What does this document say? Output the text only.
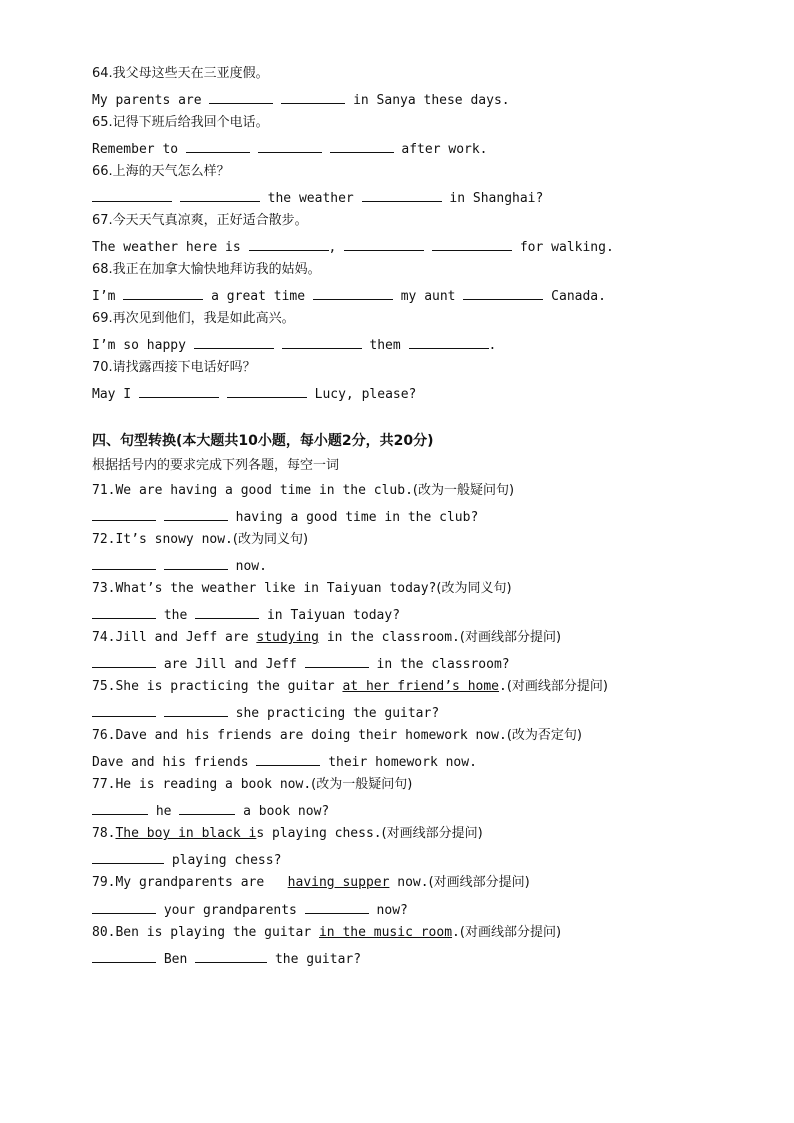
64.我父母这些天在三亚度假。
My parents are	in Sanya these days.
65.记得下班后给我回个电话。
Remember to	after work.
66.上海的天气怎么样？
the weather	in Shanghai?
67.今天天气真凉爽，正好适合散步。
The weather here is	,	for walking.
68.我正在加拿大愉快地拜访我的姑妈。
I’m	a great time	my aunt	Canada.
69.再次见到他们，我是如此高兴。
I’m so happy	them	.
70.请找露西接下电话好吗？
May I	Lucy, please?
四、句型转换(本大题共10小题，每小题2分，共20分)
根据括号内的要求完成下列各题，每空一词
71.We are having a good time in the club.(改为一般疑问句)
having a good time in the club?
72.It’s snowy now.(改为同义句)
now.
73.What’s the weather like in Taiyuan today?(改为同义句)
the	in Taiyuan today?
74.Jill and Jeff are studying in the classroom.(对画线部分提问)
are Jill and Jeff	in the classroom?
75.She is practicing the guitar at her friend’s home.(对画线部分提问)
she practicing the guitar?
76.Dave and his friends are doing their homework now.(改为否定句)
Dave and his friends	their homework now.
77.He is reading a book now.(改为一般疑问句)
he	a book now?
78.The boy in black is playing chess.(对画线部分提问)
playing chess?
79.My grandparents are having supper now.(对画线部分提问)
your grandparents	now?
80.Ben is playing the guitar in the music room.(对画线部分提问)
Ben	the guitar?
